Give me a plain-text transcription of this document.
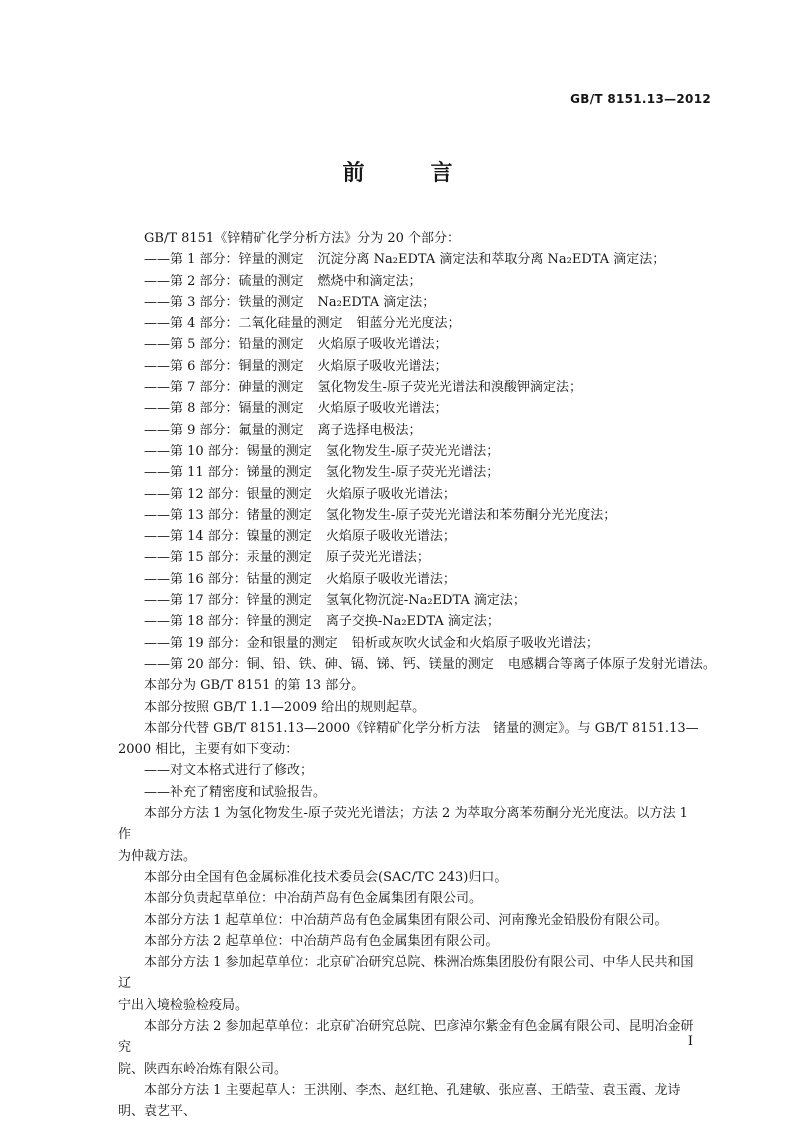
GB/T 8151.13—2012
前　言

GB/T 8151《锌精矿化学分析方法》分为 20 个部分：

——第 1 部分：锌量的测定 沉淀分离 Na₂EDTA 滴定法和萃取分离 Na₂EDTA 滴定法；

——第 2 部分：硫量的测定 燃烧中和滴定法；

——第 3 部分：铁量的测定 Na₂EDTA 滴定法；

——第 4 部分：二氧化硅量的测定 钼蓝分光光度法；

——第 5 部分：铅量的测定 火焰原子吸收光谱法；

——第 6 部分：铜量的测定 火焰原子吸收光谱法；

——第 7 部分：砷量的测定 氢化物发生-原子荧光光谱法和溴酸钾滴定法；

——第 8 部分：镉量的测定 火焰原子吸收光谱法；

——第 9 部分：氟量的测定 离子选择电极法；

——第 10 部分：锡量的测定 氢化物发生-原子荧光光谱法；

——第 11 部分：锑量的测定 氢化物发生-原子荧光光谱法；

——第 12 部分：银量的测定 火焰原子吸收光谱法；

——第 13 部分：锗量的测定 氢化物发生-原子荧光光谱法和苯芴酮分光光度法；

——第 14 部分：镍量的测定 火焰原子吸收光谱法；

——第 15 部分：汞量的测定 原子荧光光谱法；

——第 16 部分：钴量的测定 火焰原子吸收光谱法；

——第 17 部分：锌量的测定 氢氧化物沉淀-Na₂EDTA 滴定法；

——第 18 部分：锌量的测定 离子交换-Na₂EDTA 滴定法；

——第 19 部分：金和银量的测定 铅析或灰吹火试金和火焰原子吸收光谱法；

——第 20 部分：铜、铅、铁、砷、镉、锑、钙、镁量的测定 电感耦合等离子体原子发射光谱法。

本部分为 GB/T 8151 的第 13 部分。

本部分按照 GB/T 1.1—2009 给出的规则起草。

本部分代替 GB/T 8151.13—2000《锌精矿化学分析方法　锗量的测定》。与 GB/T 8151.13—

2000 相比，主要有如下变动：

——对文本格式进行了修改；

——补充了精密度和试验报告。

本部分方法 1 为氢化物发生-原子荧光光谱法；方法 2 为萃取分离苯芴酮分光光度法。以方法 1 作

为仲裁方法。

本部分由全国有色金属标准化技术委员会(SAC/TC 243)归口。

本部分负责起草单位：中冶葫芦岛有色金属集团有限公司。

本部分方法 1 起草单位：中冶葫芦岛有色金属集团有限公司、河南豫光金铅股份有限公司。

本部分方法 2 起草单位：中冶葫芦岛有色金属集团有限公司。

本部分方法 1 参加起草单位：北京矿冶研究总院、株洲冶炼集团股份有限公司、中华人民共和国辽

宁出入境检验检疫局。

本部分方法 2 参加起草单位：北京矿冶研究总院、巴彦淖尔紫金有色金属有限公司、昆明冶金研究

院、陕西东岭冶炼有限公司。

本部分方法 1 主要起草人：王洪刚、李杰、赵红艳、孔建敏、张应喜、王皓莹、袁玉霞、龙诗明、袁艺平、

I
